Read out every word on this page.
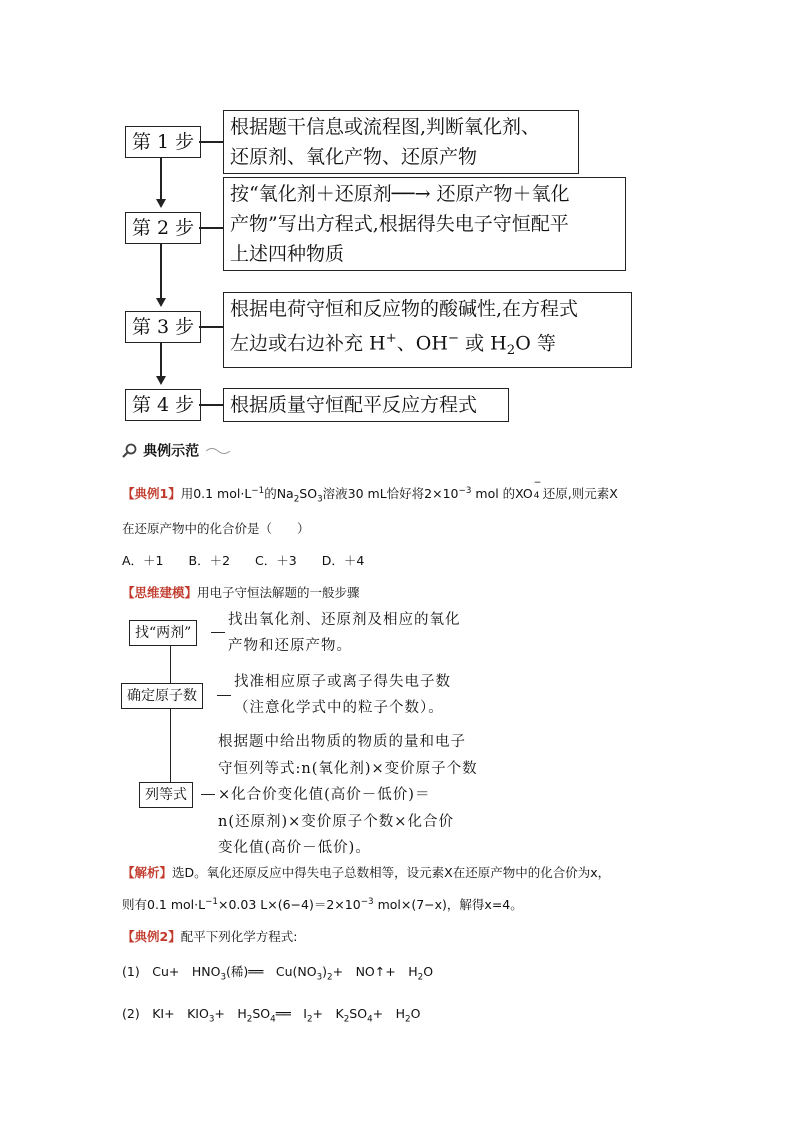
第 1 步
根据题干信息或流程图,判断氧化剂、
还原剂、氧化产物、还原产物
第 2 步
按“氧化剂＋还原剂──→ 还原产物＋氧化
产物”写出方程式,根据得失电子守恒配平
上述四种物质
第 3 步
根据电荷守恒和反应物的酸碱性,在方程式
左边或右边补充 H+、OH− 或 $H_2O$ 等
第 4 步	根据质量守恒配平反应方程式
典例示范
【典例1】用0.1 $mol\cdot L^{-1}$的$Na_2SO_3$溶液30 mL恰好将$2\times 10^{-3}$ mol 的XO
−
4 还原,则元素X
在还原产物中的化合价是（　　）
A．＋1　　B．＋2　　C．＋3　　D．＋4
【思维建模】用电子守恒法解题的一般步骤
找“两剂”
找出氧化剂、还原剂及相应的氧化
产物和还原产物。
确定原子数
找准相应原子或离子得失电子数
（注意化学式中的粒子个数）。
列等式
根据题中给出物质的物质的量和电子
守恒列等式:n(氧化剂)×变价原子个数
×化合价变化值(高价－低价)＝
n(还原剂)×变价原子个数×化合价
变化值(高价－低价)。
【解析】选D。氧化还原反应中得失电子总数相等，设元素X在还原产物中的化合价为x，
则有0.1 $mol\cdot L^{-1}\times 0.03$ $L\times(6-4)=2\times 10^{-3}$ mol×(7−x)，解得x=4。
【典例2】配平下列化学方程式:
(1)　 Cu+　$HNO_3$(稀)══　$Cu(NO_3)_2+$　NO↑+　$H_2O$
(2)　 KI+　$KIO_3+$　$H_2SO_4══$　$I_2+$　$K_2SO_4+$　$H_2O$
